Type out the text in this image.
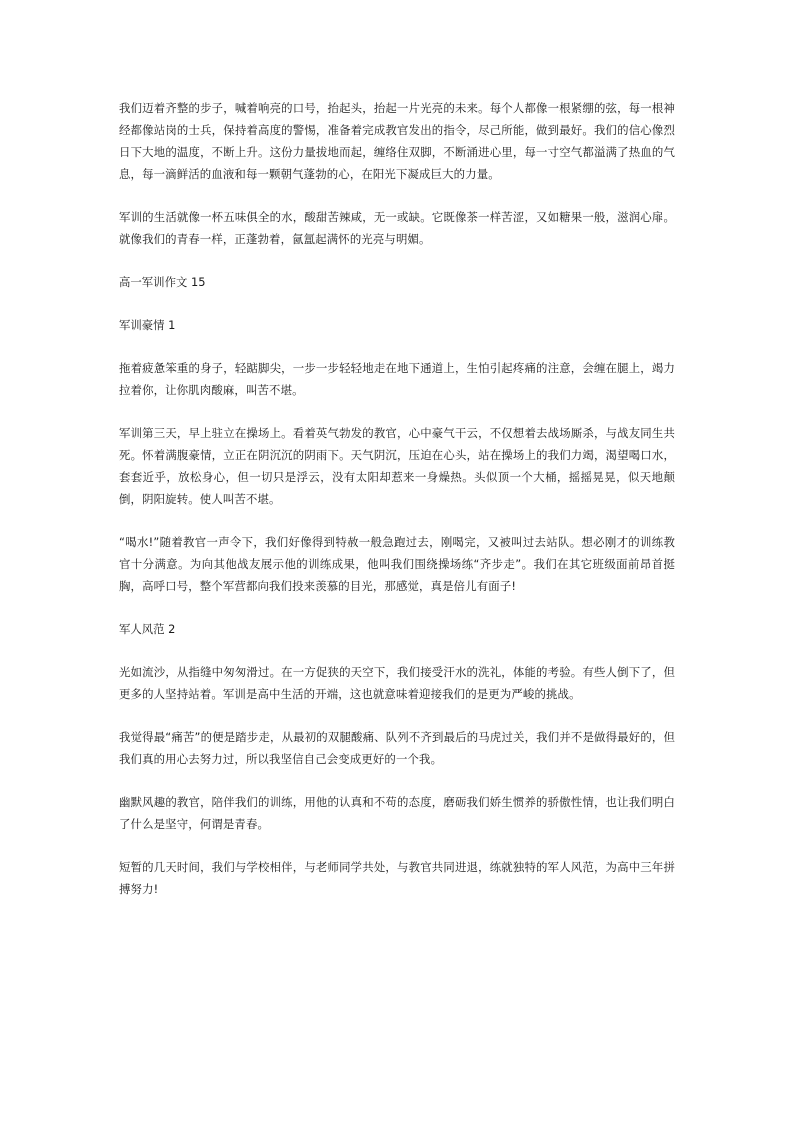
我们迈着齐整的步子，喊着响亮的口号，抬起头，抬起一片光亮的未来。每个人都像一根紧绷的弦，每一根神经都像站岗的士兵，保持着高度的警惕，准备着完成教官发出的指令，尽己所能，做到最好。我们的信心像烈日下大地的温度，不断上升。这份力量拔地而起，缠络住双脚，不断涌进心里，每一寸空气都溢满了热血的气息，每一滴鲜活的血液和每一颗朝气蓬勃的心，在阳光下凝成巨大的力量。

军训的生活就像一杯五味俱全的水，酸甜苦辣咸，无一或缺。它既像茶一样苦涩，又如糖果一般，滋润心扉。就像我们的青春一样，正蓬勃着，氤氲起满怀的光亮与明媚。

高一军训作文 15

军训豪情 1

拖着疲惫笨重的身子，轻踮脚尖，一步一步轻轻地走在地下通道上，生怕引起疼痛的注意，会缠在腿上，竭力拉着你，让你肌肉酸麻，叫苦不堪。

军训第三天，早上驻立在操场上。看着英气勃发的教官，心中豪气干云，不仅想着去战场厮杀，与战友同生共死。怀着满腹豪情，立正在阴沉沉的阴雨下。天气阴沉，压迫在心头，站在操场上的我们力竭，渴望喝口水，套套近乎，放松身心，但一切只是浮云，没有太阳却惹来一身燥热。头似顶一个大桶，摇摇晃晃，似天地颠倒，阴阳旋转。使人叫苦不堪。

“喝水!”随着教官一声令下，我们好像得到特赦一般急跑过去，刚喝完，又被叫过去站队。想必刚才的训练教官十分满意。为向其他战友展示他的训练成果，他叫我们围绕操场练“齐步走”。我们在其它班级面前昂首挺胸，高呼口号，整个军营都向我们投来羡慕的目光，那感觉，真是倍儿有面子!

军人风范 2

光如流沙，从指缝中匆匆滑过。在一方促狭的天空下，我们接受汗水的洗礼，体能的考验。有些人倒下了，但更多的人坚持站着。军训是高中生活的开端，这也就意味着迎接我们的是更为严峻的挑战。

我觉得最“痛苦”的便是踏步走，从最初的双腿酸痛、队列不齐到最后的马虎过关，我们并不是做得最好的，但我们真的用心去努力过，所以我坚信自己会变成更好的一个我。

幽默风趣的教官，陪伴我们的训练，用他的认真和不苟的态度，磨砺我们娇生惯养的骄傲性情，也让我们明白了什么是坚守，何谓是青春。

短暂的几天时间，我们与学校相伴，与老师同学共处，与教官共同进退，练就独特的军人风范，为高中三年拼搏努力!
